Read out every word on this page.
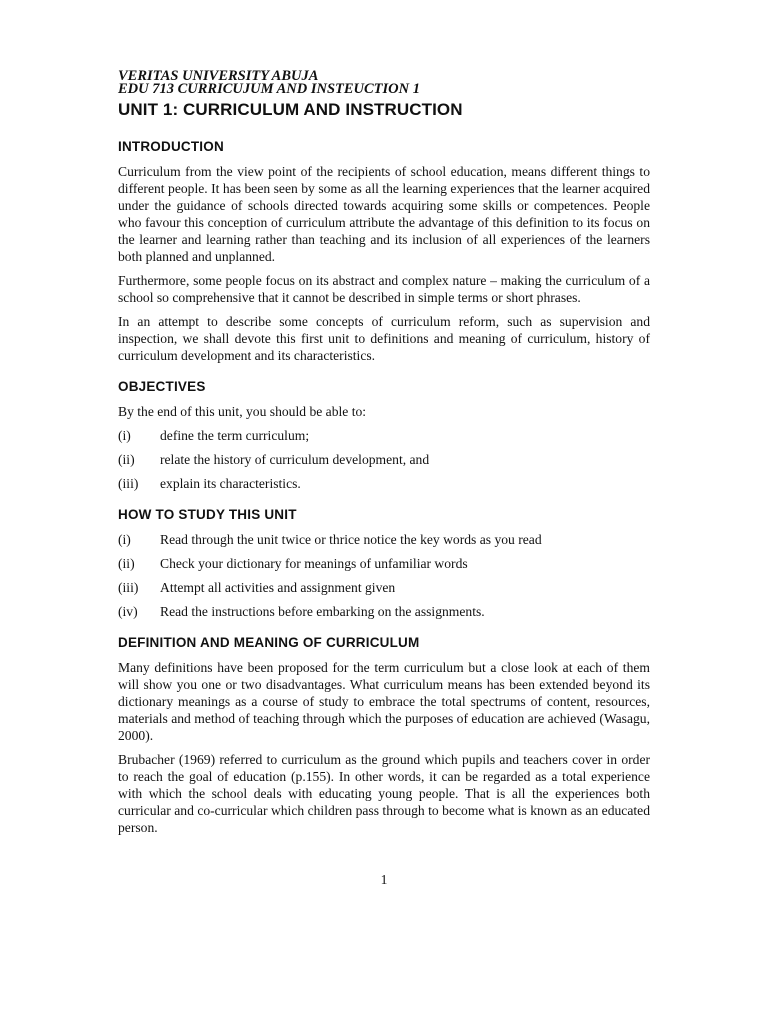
VERITAS UNIVERSITY ABUJA

EDU 713 CURRICUJUM AND INSTEUCTION 1

UNIT 1: CURRICULUM AND INSTRUCTION
INTRODUCTION

Curriculum from the view point of the recipients of school education, means different things to different people. It has been seen by some as all the learning experiences that the learner acquired under the guidance of schools directed towards acquiring some skills or competences. People who favour this conception of curriculum attribute the advantage of this definition to its focus on the learner and learning rather than teaching and its inclusion of all experiences of the learners both planned and unplanned.

Furthermore, some people focus on its abstract and complex nature – making the curriculum of a school so comprehensive that it cannot be described in simple terms or short phrases.

In an attempt to describe some concepts of curriculum reform, such as supervision and inspection, we shall devote this first unit to definitions and meaning of curriculum, history of curriculum development and its characteristics.

OBJECTIVES

By the end of this unit, you should be able to:

(i)	define the term curriculum;
(ii)	relate the history of curriculum development, and
(iii)	explain its characteristics.
HOW TO STUDY THIS UNIT
(i)	Read through the unit twice or thrice notice the key words as you read
(ii)	Check your dictionary for meanings of unfamiliar words
(iii)	Attempt all activities and assignment given
(iv)	Read the instructions before embarking on the assignments.
DEFINITION AND MEANING OF CURRICULUM

Many definitions have been proposed for the term curriculum but a close look at each of them will show you one or two disadvantages. What curriculum means has been extended beyond its dictionary meanings as a course of study to embrace the total spectrums of content, resources, materials and method of teaching through which the purposes of education are achieved (Wasagu, 2000).

Brubacher (1969) referred to curriculum as the ground which pupils and teachers cover in order to reach the goal of education (p.155). In other words, it can be regarded as a total experience with which the school deals with educating young people. That is all the experiences both curricular and co-curricular which children pass through to become what is known as an educated person.

1
